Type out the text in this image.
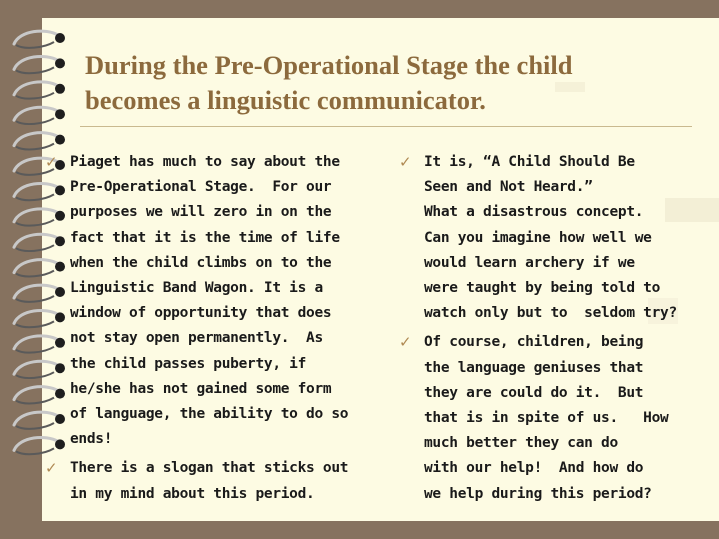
During the Pre-Operational Stage the child
becomes a linguistic communicator.
✓ Piaget has much to say about the
Pre-Operational Stage.  For our
purposes we will zero in on the
fact that it is the time of life
when the child climbs on to the
Linguistic Band Wagon. It is a
window of opportunity that does
not stay open permanently.  As
the child passes puberty, if
he/she has not gained some form
of language, the ability to do so
ends!
✓ There is a slogan that sticks out
in my mind about this period.
✓ It is, “A Child Should Be
Seen and Not Heard.”
What a disastrous concept.
Can you imagine how well we
would learn archery if we
were taught by being told to
watch only but to  seldom try?
✓ Of course, children, being
the language geniuses that
they are could do it.  But
that is in spite of us.   How
much better they can do
with our help!  And how do
we help during this period?
